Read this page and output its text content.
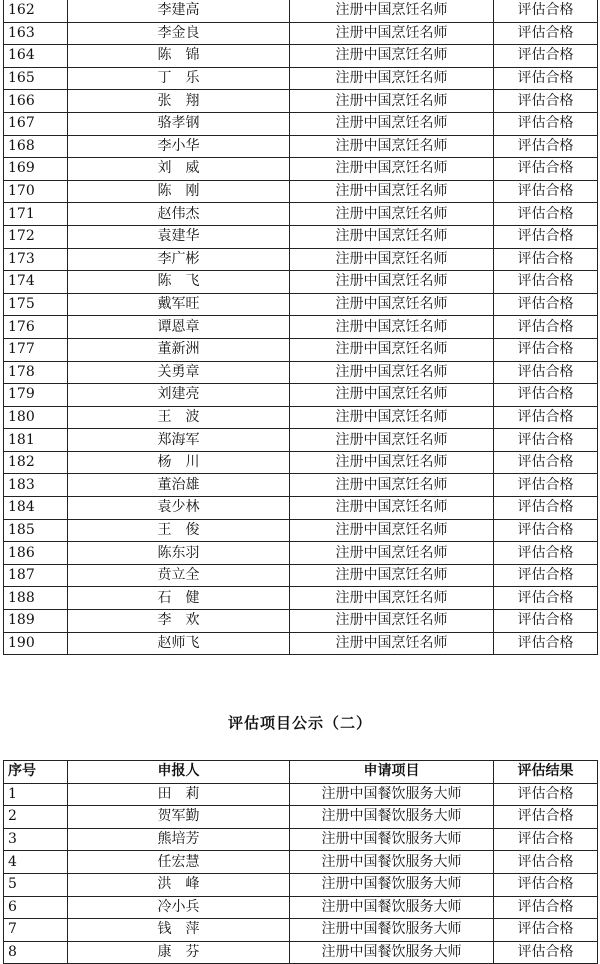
162	李建高	注册中国烹饪名师	评估合格
163	李金良	注册中国烹饪名师	评估合格
164	陈　锦	注册中国烹饪名师	评估合格
165	丁　乐	注册中国烹饪名师	评估合格
166	张　翔	注册中国烹饪名师	评估合格
167	骆孝钢	注册中国烹饪名师	评估合格
168	李小华	注册中国烹饪名师	评估合格
169	刘　威	注册中国烹饪名师	评估合格
170	陈　刚	注册中国烹饪名师	评估合格
171	赵伟杰	注册中国烹饪名师	评估合格
172	袁建华	注册中国烹饪名师	评估合格
173	李广彬	注册中国烹饪名师	评估合格
174	陈　飞	注册中国烹饪名师	评估合格
175	戴军旺	注册中国烹饪名师	评估合格
176	谭恩章	注册中国烹饪名师	评估合格
177	董新洲	注册中国烹饪名师	评估合格
178	关勇章	注册中国烹饪名师	评估合格
179	刘建亮	注册中国烹饪名师	评估合格
180	王　波	注册中国烹饪名师	评估合格
181	郑海军	注册中国烹饪名师	评估合格
182	杨　川	注册中国烹饪名师	评估合格
183	董治雄	注册中国烹饪名师	评估合格
184	袁少林	注册中国烹饪名师	评估合格
185	王　俊	注册中国烹饪名师	评估合格
186	陈东羽	注册中国烹饪名师	评估合格
187	贲立全	注册中国烹饪名师	评估合格
188	石　健	注册中国烹饪名师	评估合格
189	李　欢	注册中国烹饪名师	评估合格
190	赵师飞	注册中国烹饪名师	评估合格
评估项目公示（二）
序号	申报人	申请项目	评估结果
1	田　莉	注册中国餐饮服务大师	评估合格
2	贺军勤	注册中国餐饮服务大师	评估合格
3	熊培芳	注册中国餐饮服务大师	评估合格
4	任宏慧	注册中国餐饮服务大师	评估合格
5	洪　峰	注册中国餐饮服务大师	评估合格
6	冷小兵	注册中国餐饮服务大师	评估合格
7	钱　萍	注册中国餐饮服务大师	评估合格
8	康　芬	注册中国餐饮服务大师	评估合格
